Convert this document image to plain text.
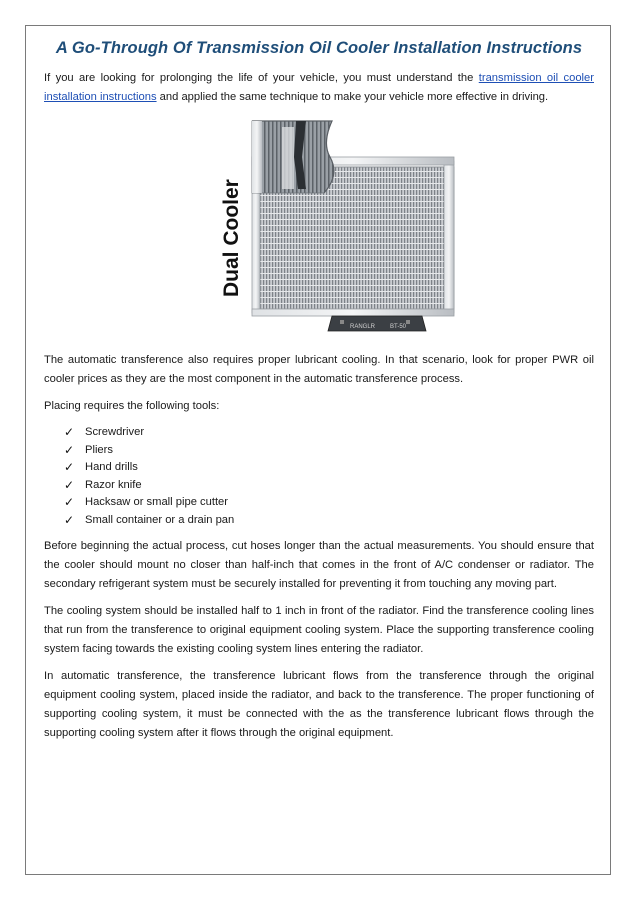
A Go-Through Of Transmission Oil Cooler Installation Instructions

If you are looking for prolonging the life of your vehicle, you must understand the transmission oil cooler installation instructions and applied the same technique to make your vehicle more effective in driving.

Dual Cooler
RANGLR BT-50

The automatic transference also requires proper lubricant cooling. In that scenario, look for proper PWR oil cooler prices as they are the most component in the automatic transference process.

Placing requires the following tools:

✓ Screwdriver
✓ Pliers
✓ Hand drills
✓ Razor knife
✓ Hacksaw or small pipe cutter
✓ Small container or a drain pan

Before beginning the actual process, cut hoses longer than the actual measurements. You should ensure that the cooler should mount no closer than half-inch that comes in the front of A/C condenser or radiator. The secondary refrigerant system must be securely installed for preventing it from touching any moving part.

The cooling system should be installed half to 1 inch in front of the radiator. Find the transference cooling lines that run from the transference to original equipment cooling system. Place the supporting transference cooling system facing towards the existing cooling system lines entering the radiator.

In automatic transference, the transference lubricant flows from the transference through the original equipment cooling system, placed inside the radiator, and back to the transference. The proper functioning of supporting cooling system, it must be connected with the as the transference lubricant flows through the supporting cooling system after it flows through the original equipment.
